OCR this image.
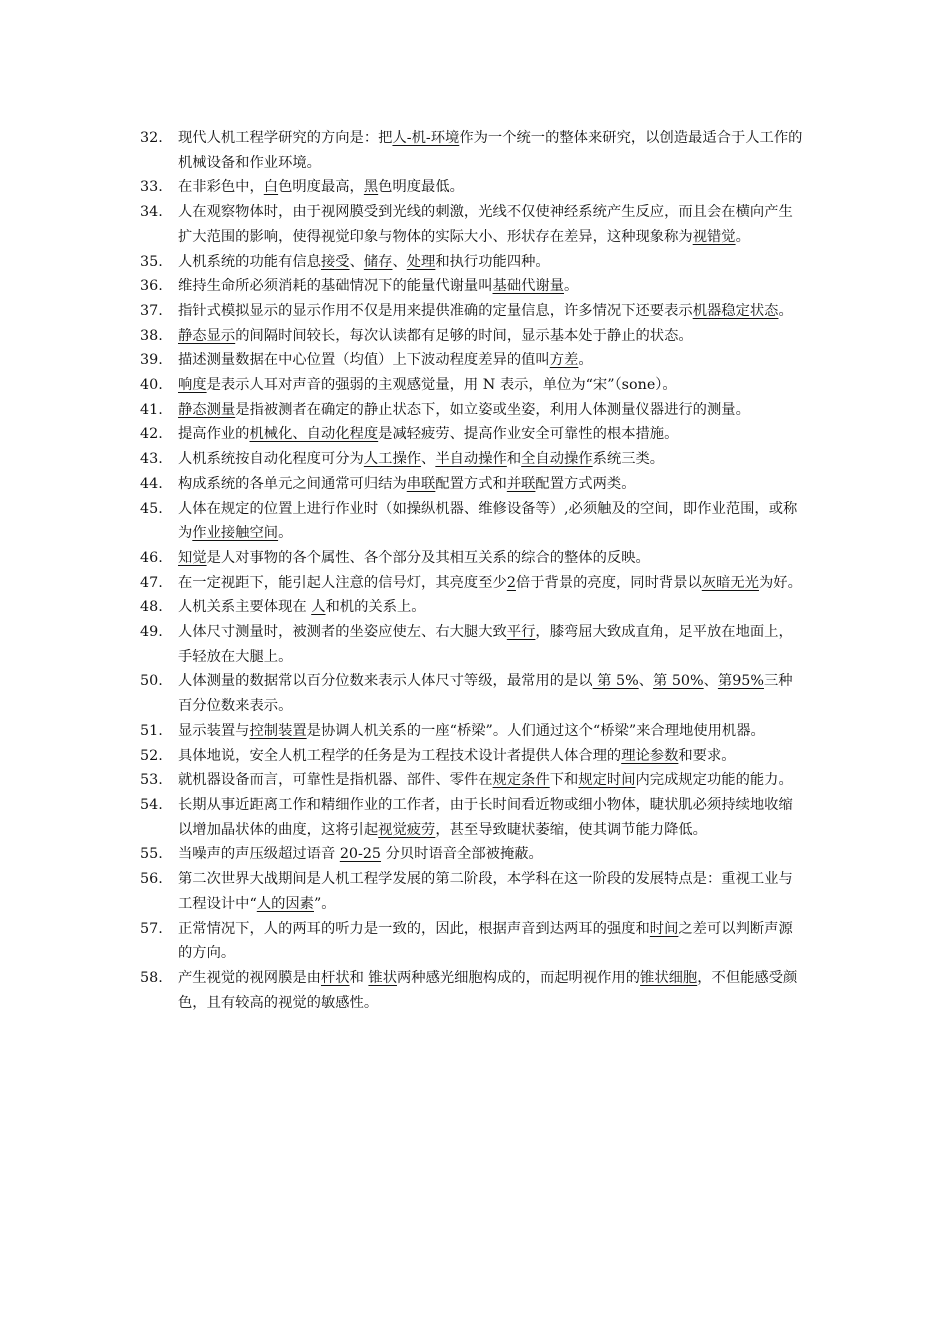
32.	现代人机工程学研究的方向是：把人-机-环境作为一个统一的整体来研究，以创造最适合于人工作的机械设备和作业环境。
33.	在非彩色中，白色明度最高，黑色明度最低。
34.	人在观察物体时，由于视网膜受到光线的刺激，光线不仅使神经系统产生反应，而且会在横向产生扩大范围的影响，使得视觉印象与物体的实际大小、形状存在差异，这种现象称为视错觉。
35.	人机系统的功能有信息接受、储存、处理和执行功能四种。
36.	维持生命所必须消耗的基础情况下的能量代谢量叫基础代谢量。
37.	指针式模拟显示的显示作用不仅是用来提供准确的定量信息，许多情况下还要表示机器稳定状态。
38.	静态显示的间隔时间较长，每次认读都有足够的时间，显示基本处于静止的状态。
39.	描述测量数据在中心位置（均值）上下波动程度差异的值叫方差。
40.	响度是表示人耳对声音的强弱的主观感觉量，用 N 表示，单位为“宋”（sone）。
41.	静态测量是指被测者在确定的静止状态下，如立姿或坐姿，利用人体测量仪器进行的测量。
42.	提高作业的机械化、自动化程度是减轻疲劳、提高作业安全可靠性的根本措施。
43.	人机系统按自动化程度可分为人工操作、半自动操作和全自动操作系统三类。
44.	构成系统的各单元之间通常可归结为串联配置方式和并联配置方式两类。
45.	人体在规定的位置上进行作业时（如操纵机器、维修设备等）,必须触及的空间，即作业范围，或称为作业接触空间。
46.	知觉是人对事物的各个属性、各个部分及其相互关系的综合的整体的反映。
47.	在一定视距下，能引起人注意的信号灯，其亮度至少2倍于背景的亮度，同时背景以灰暗无光为好。
48.	人机关系主要体现在 人和机的关系上。
49.	人体尺寸测量时，被测者的坐姿应使左、右大腿大致平行，膝弯屈大致成直角，足平放在地面上，手轻放在大腿上。
50.	人体测量的数据常以百分位数来表示人体尺寸等级，最常用的是以 第 5%、第 50%、第95%三种百分位数来表示。
51.	显示装置与控制装置是协调人机关系的一座“桥梁”。人们通过这个“桥梁”来合理地使用机器。
52.	具体地说，安全人机工程学的任务是为工程技术设计者提供人体合理的理论参数和要求。
53.	就机器设备而言，可靠性是指机器、部件、零件在规定条件下和规定时间内完成规定功能的能力。
54.	长期从事近距离工作和精细作业的工作者，由于长时间看近物或细小物体，睫状肌必须持续地收缩以增加晶状体的曲度，这将引起视觉疲劳，甚至导致睫状萎缩，使其调节能力降低。
55.	当噪声的声压级超过语音 20-25 分贝时语音全部被掩蔽。
56.	第二次世界大战期间是人机工程学发展的第二阶段，本学科在这一阶段的发展特点是：重视工业与工程设计中“人的因素”。
57.	正常情况下，人的两耳的听力是一致的，因此，根据声音到达两耳的强度和时间之差可以判断声源的方向。
58.	产生视觉的视网膜是由杆状和 锥状两种感光细胞构成的，而起明视作用的锥状细胞，不但能感受颜色，且有较高的视觉的敏感性。
